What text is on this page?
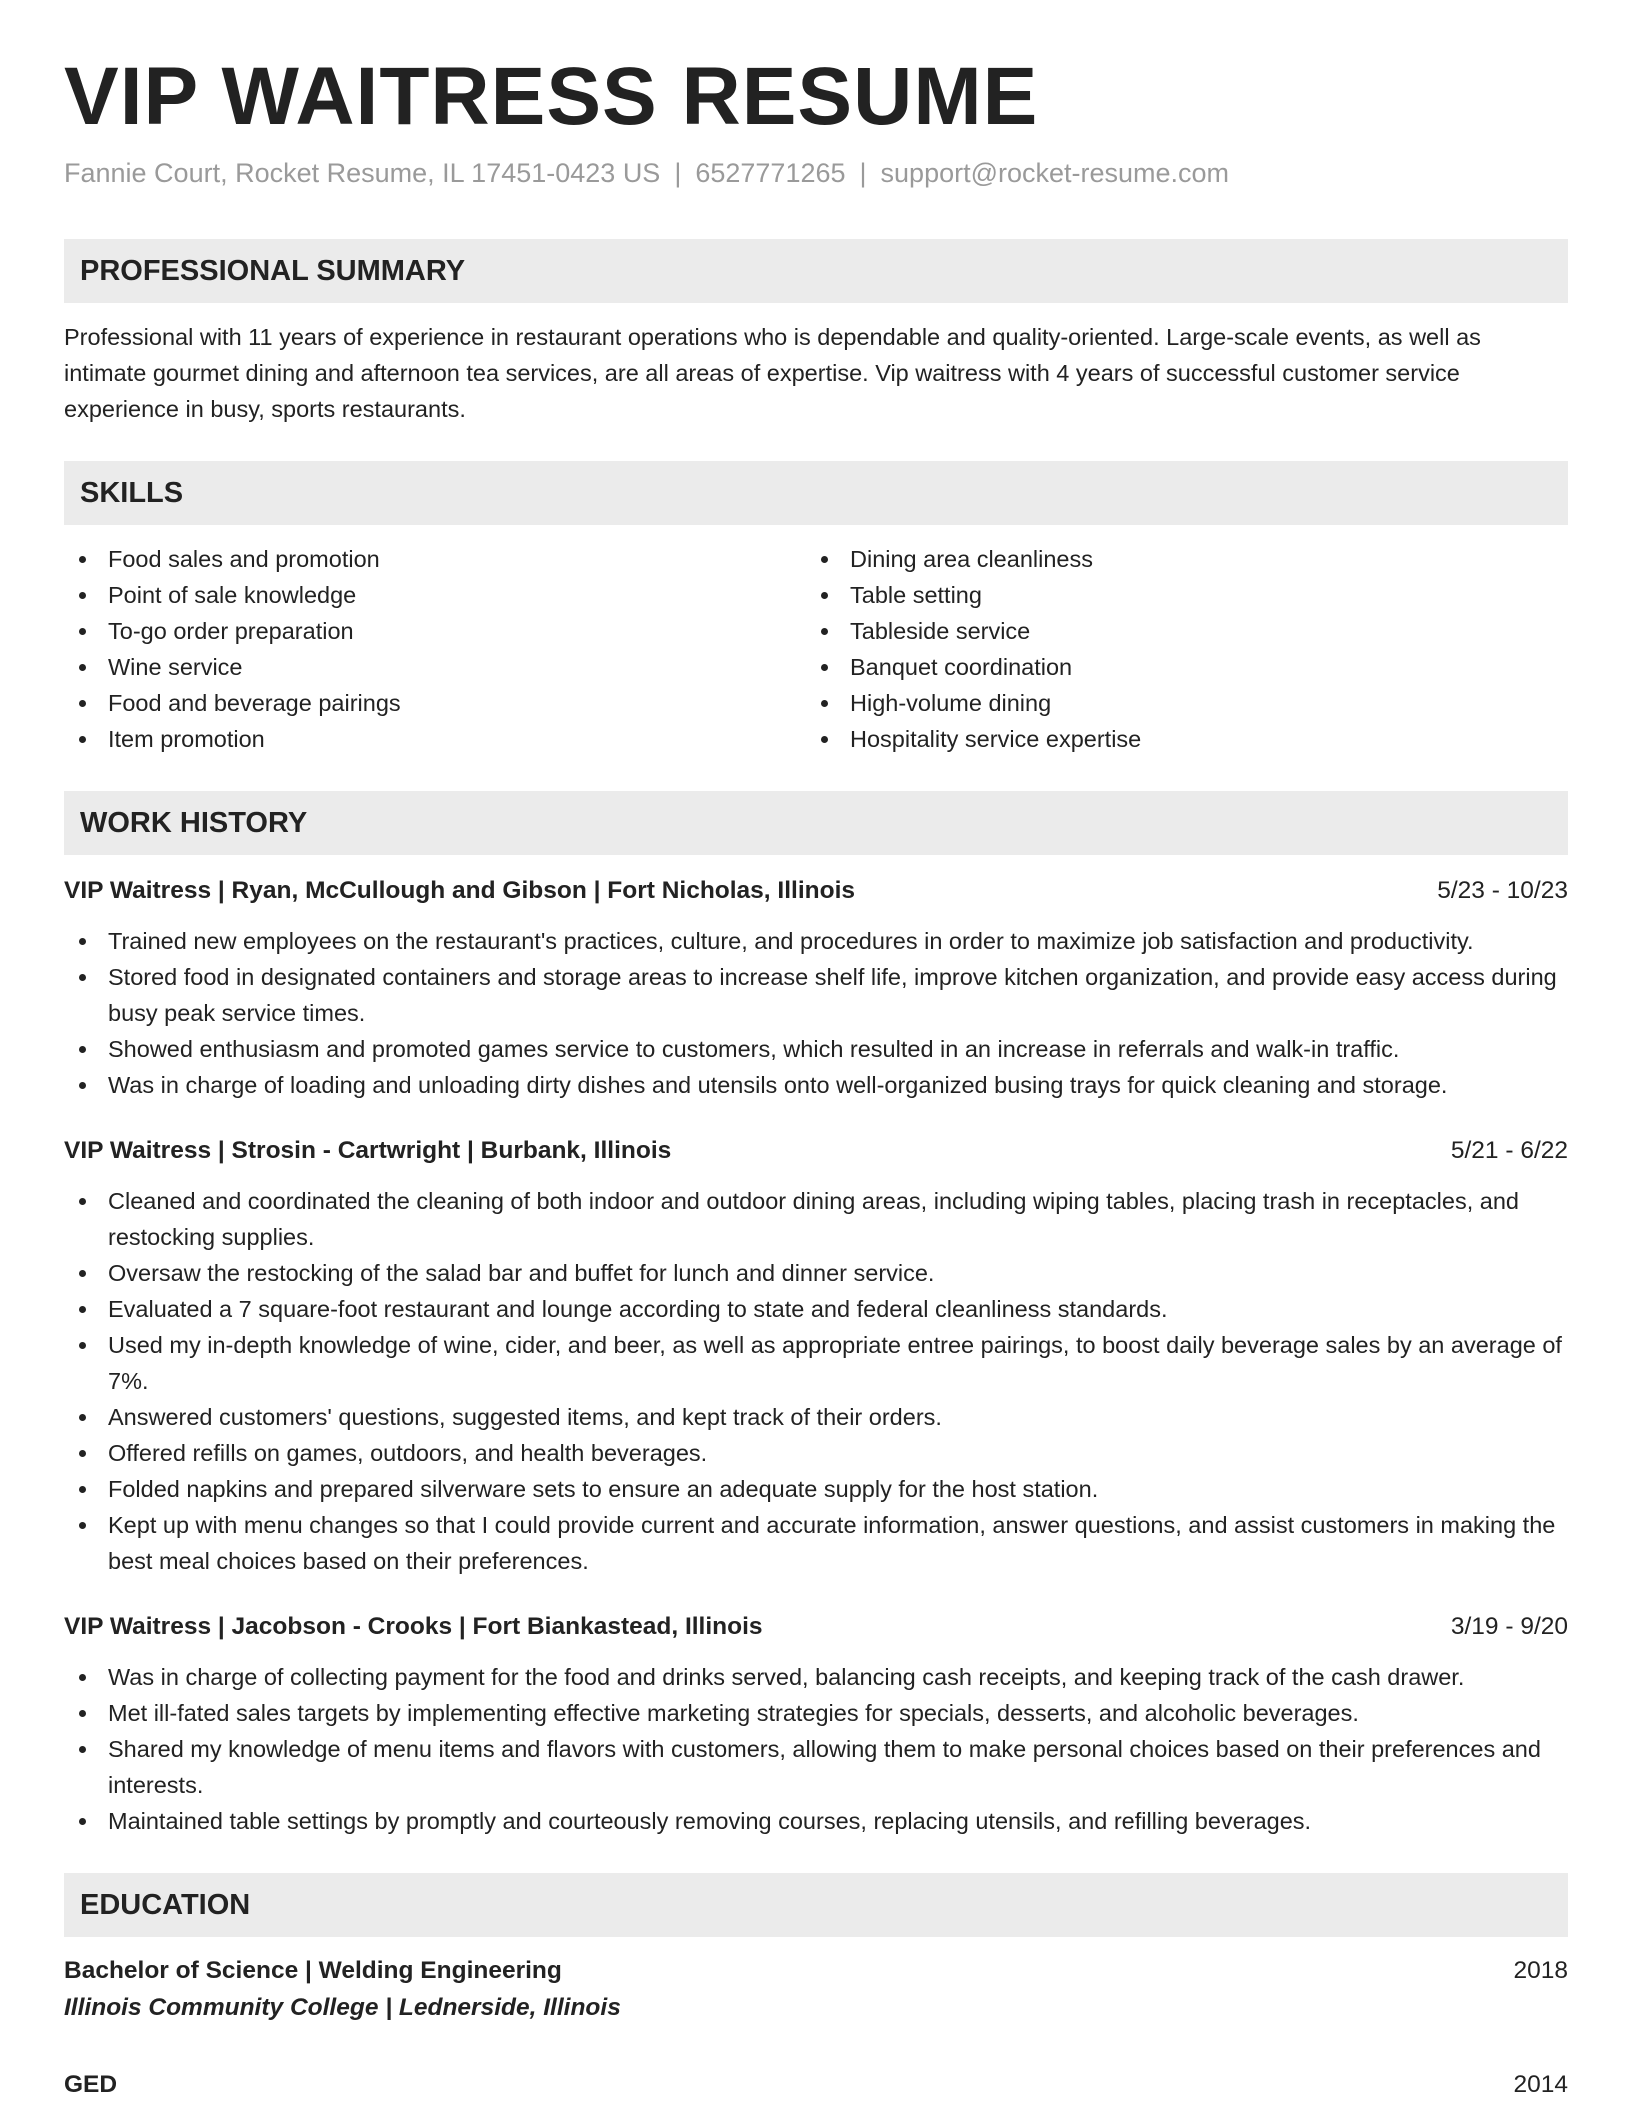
VIP WAITRESS RESUME
Fannie Court, Rocket Resume, IL 17451-0423 US | 6527771265 | support@rocket-resume.com
PROFESSIONAL SUMMARY

Professional with 11 years of experience in restaurant operations who is dependable and quality-oriented. Large-scale events, as well as intimate gourmet dining and afternoon tea services, are all areas of expertise. Vip waitress with 4 years of successful customer service experience in busy, sports restaurants.

SKILLS
Food sales and promotion
Point of sale knowledge
To-go order preparation
Wine service
Food and beverage pairings
Item promotion
Dining area cleanliness
Table setting
Tableside service
Banquet coordination
High-volume dining
Hospitality service expertise
WORK HISTORY
VIP Waitress | Ryan, McCullough and Gibson | Fort Nicholas, Illinois	5/23 - 10/23
Trained new employees on the restaurant's practices, culture, and procedures in order to maximize job satisfaction and productivity.
Stored food in designated containers and storage areas to increase shelf life, improve kitchen organization, and provide easy access during busy peak service times.
Showed enthusiasm and promoted games service to customers, which resulted in an increase in referrals and walk-in traffic.
Was in charge of loading and unloading dirty dishes and utensils onto well-organized busing trays for quick cleaning and storage.
VIP Waitress | Strosin - Cartwright | Burbank, Illinois	5/21 - 6/22
Cleaned and coordinated the cleaning of both indoor and outdoor dining areas, including wiping tables, placing trash in receptacles, and restocking supplies.
Oversaw the restocking of the salad bar and buffet for lunch and dinner service.
Evaluated a 7 square-foot restaurant and lounge according to state and federal cleanliness standards.
Used my in-depth knowledge of wine, cider, and beer, as well as appropriate entree pairings, to boost daily beverage sales by an average of 7%.
Answered customers' questions, suggested items, and kept track of their orders.
Offered refills on games, outdoors, and health beverages.
Folded napkins and prepared silverware sets to ensure an adequate supply for the host station.
Kept up with menu changes so that I could provide current and accurate information, answer questions, and assist customers in making the best meal choices based on their preferences.
VIP Waitress | Jacobson - Crooks | Fort Biankastead, Illinois	3/19 - 9/20
Was in charge of collecting payment for the food and drinks served, balancing cash receipts, and keeping track of the cash drawer.
Met ill-fated sales targets by implementing effective marketing strategies for specials, desserts, and alcoholic beverages.
Shared my knowledge of menu items and flavors with customers, allowing them to make personal choices based on their preferences and interests.
Maintained table settings by promptly and courteously removing courses, replacing utensils, and refilling beverages.
EDUCATION
Bachelor of Science | Welding Engineering	2018
Illinois Community College | Lednerside, Illinois
GED	2014
